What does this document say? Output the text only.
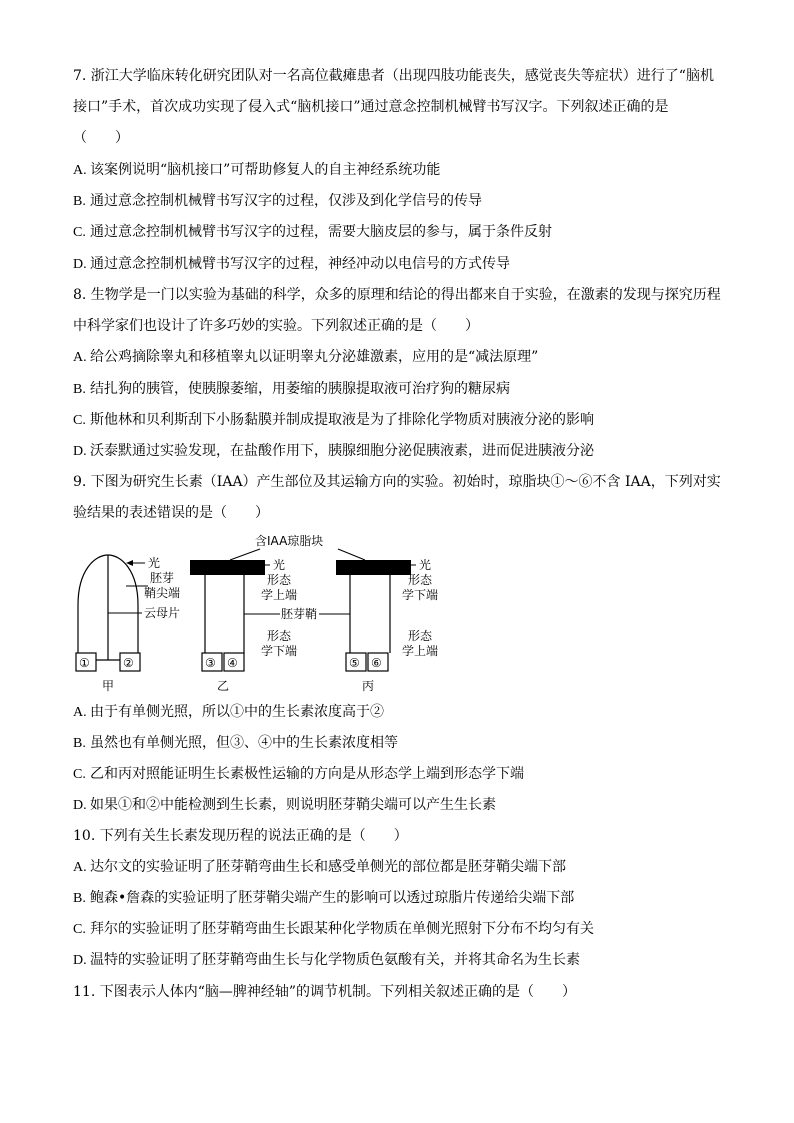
7. 浙江大学临床转化研究团队对一名高位截瘫患者（出现四肢功能丧失，感觉丧失等症状）进行了“脑机
接口”手术，首次成功实现了侵入式“脑机接口”通过意念控制机械臂书写汉字。下列叙述正确的是
（　　）
A. 该案例说明“脑机接口”可帮助修复人的自主神经系统功能
B. 通过意念控制机械臂书写汉字的过程，仅涉及到化学信号的传导
C. 通过意念控制机械臂书写汉字的过程，需要大脑皮层的参与，属于条件反射
D. 通过意念控制机械臂书写汉字的过程，神经冲动以电信号的方式传导
8. 生物学是一门以实验为基础的科学，众多的原理和结论的得出都来自于实验，在激素的发现与探究历程
中科学家们也设计了许多巧妙的实验。下列叙述正确的是（　　）
A. 给公鸡摘除睾丸和移植睾丸以证明睾丸分泌雄激素，应用的是“减法原理”
B. 结扎狗的胰管，使胰腺萎缩，用萎缩的胰腺提取液可治疗狗的糖尿病
C. 斯他林和贝利斯刮下小肠黏膜并制成提取液是为了排除化学物质对胰液分泌的影响
D. 沃泰默通过实验发现，在盐酸作用下，胰腺细胞分泌促胰液素，进而促进胰液分泌
9. 下图为研究生长素（IAA）产生部位及其运输方向的实验。初始时，琼脂块①～⑥不含 IAA，下列对实
验结果的表述错误的是（　　）
光
胚芽
鞘尖端
云母片
①	②
甲
含IAA琼脂块
光
形态
学上端
胚芽鞘
形态
学下端
③ ④
乙
光
形态
学下端
形态
学上端
⑤ ⑥
丙
A. 由于有单侧光照，所以①中的生长素浓度高于②
B. 虽然也有单侧光照，但③、④中的生长素浓度相等
C. 乙和丙对照能证明生长素极性运输的方向是从形态学上端到形态学下端
D. 如果①和②中能检测到生长素，则说明胚芽鞘尖端可以产生生长素
10. 下列有关生长素发现历程的说法正确的是（　　）
A. 达尔文的实验证明了胚芽鞘弯曲生长和感受单侧光的部位都是胚芽鞘尖端下部
B. 鲍森•詹森的实验证明了胚芽鞘尖端产生的影响可以透过琼脂片传递给尖端下部
C. 拜尔的实验证明了胚芽鞘弯曲生长跟某种化学物质在单侧光照射下分布不均匀有关
D. 温特的实验证明了胚芽鞘弯曲生长与化学物质色氨酸有关，并将其命名为生长素
11. 下图表示人体内“脑—脾神经轴”的调节机制。下列相关叙述正确的是（　　）
